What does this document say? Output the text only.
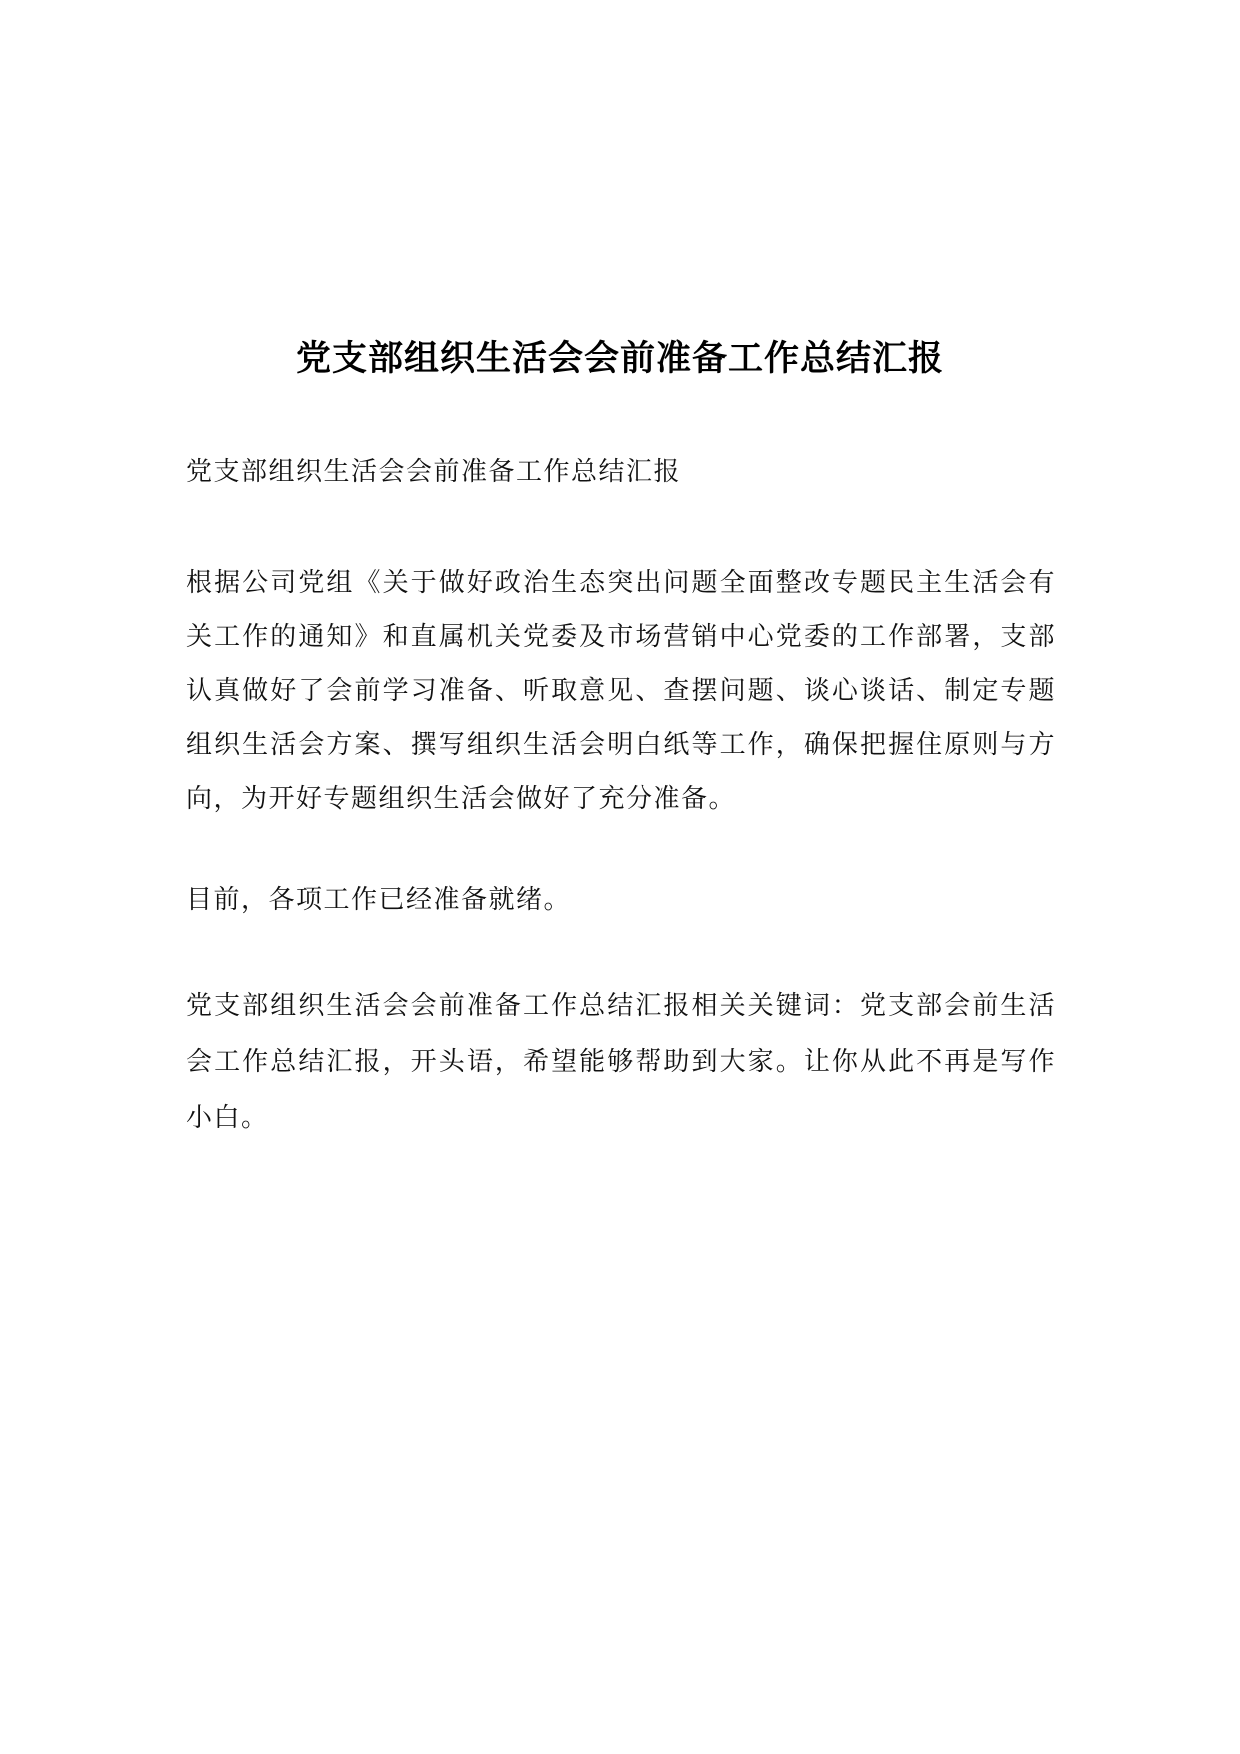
党支部组织生活会会前准备工作总结汇报
党支部组织生活会会前准备工作总结汇报
根据公司党组《关于做好政治生态突出问题全面整改专题民主生活会有关工作的通知》和直属机关党委及市场营销中心党委的工作部署，支部认真做好了会前学习准备、听取意见、查摆问题、谈心谈话、制定专题组织生活会方案、撰写组织生活会明白纸等工作，确保把握住原则与方向，为开好专题组织生活会做好了充分准备。
目前，各项工作已经准备就绪。
党支部组织生活会会前准备工作总结汇报相关关键词：党支部会前生活会工作总结汇报，开头语，希望能够帮助到大家。让你从此不再是写作小白。
